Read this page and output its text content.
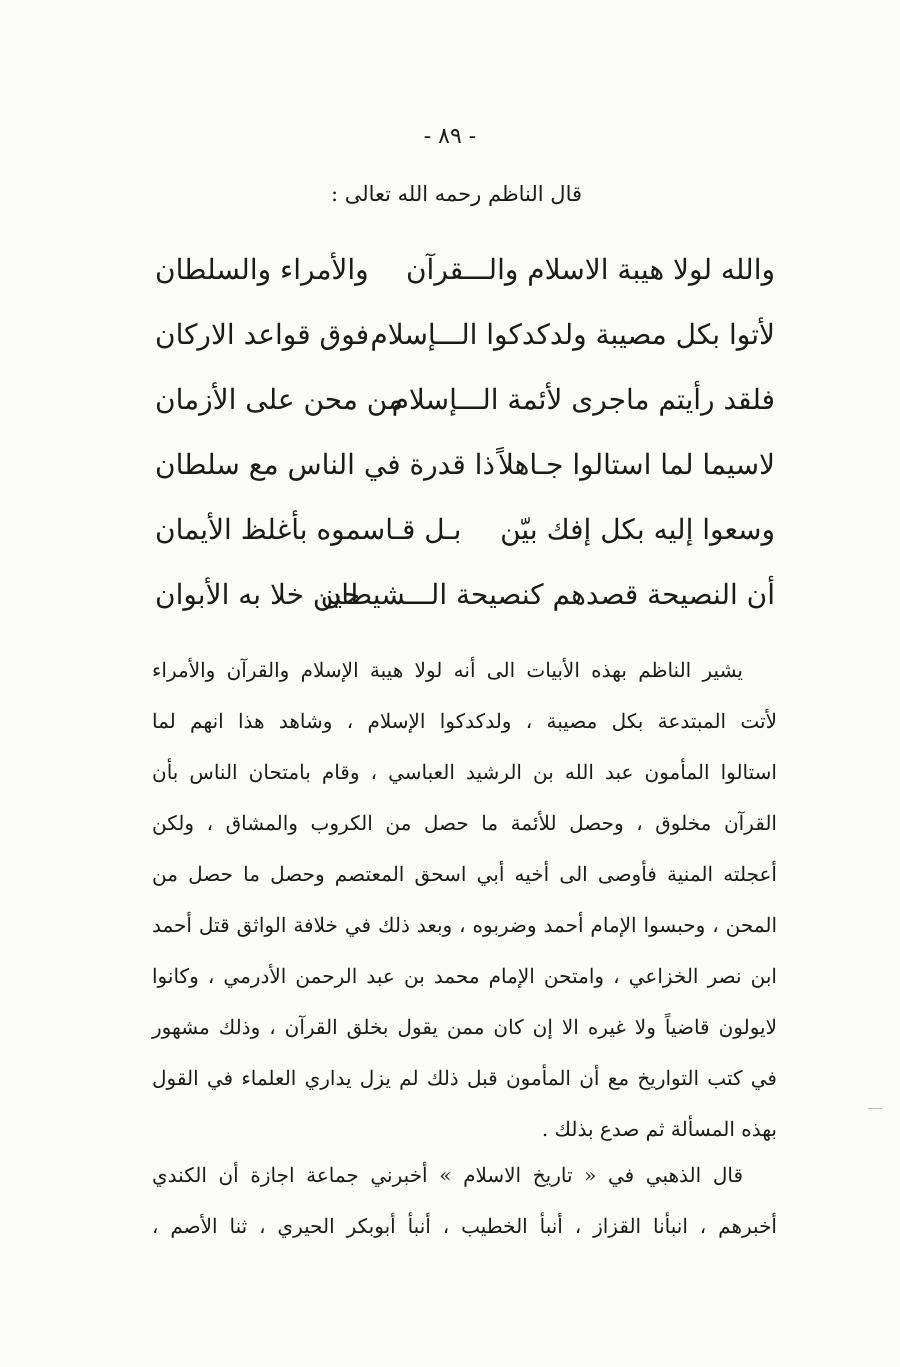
- ٨٩ -
قال الناظم رحمه الله تعالى :
والله لولا هيبة الاسلام والـــقرآن
والأمراء والسلطان
لأتوا بكل مصيبة ولدكدكوا الـــإسلام
فوق قواعد الاركان
فلقد رأيتم ماجرى لأئمة الـــإسلام
من محن على الأزمان
لاسيما لما استالوا جـاهلاً
ذا قدرة في الناس مع سلطان
وسعوا إليه بكل إفك بيّن
بـل قـاسموه بأغلظ الأيمان
أن النصيحة قصدهم كنصيحة الـــشيطان
حين خلا به الأبوان
يشير الناظم بهذه الأبيات الى أنه لولا هيبة الإسلام والقرآن والأمراء
لأتت المبتدعة بكل مصيبة ، ولدكدكوا الإسلام ، وشاهد هذا انهم لما
استالوا المأمون عبد الله بن الرشيد العباسي ، وقام بامتحان الناس بأن
القرآن مخلوق ، وحصل للأئمة ما حصل من الكروب والمشاق ، ولكن
أعجلته المنية فأوصى الى أخيه أبي اسحق المعتصم وحصل ما حصل من
المحن ، وحبسوا الإمام أحمد وضربوه ، وبعد ذلك في خلافة الواثق قتل أحمد
ابن نصر الخزاعي ، وامتحن الإمام محمد بن عبد الرحمن الأدرمي ، وكانوا
لايولون قاضياً ولا غيره الا إن كان ممن يقول بخلق القرآن ، وذلك مشهور
في كتب التواريخ مع أن المأمون قبل ذلك لم يزل يداري العلماء في القول
بهذه المسألة ثم صدع بذلك .
قال الذهبي في « تاريخ الاسلام » أخبرني جماعة اجازة أن الكندي
أخبرهم ، انبأنا القزاز ، أنبأ الخطيب ، أنبأ أبوبكر الحيري ، ثنا الأصم ،
